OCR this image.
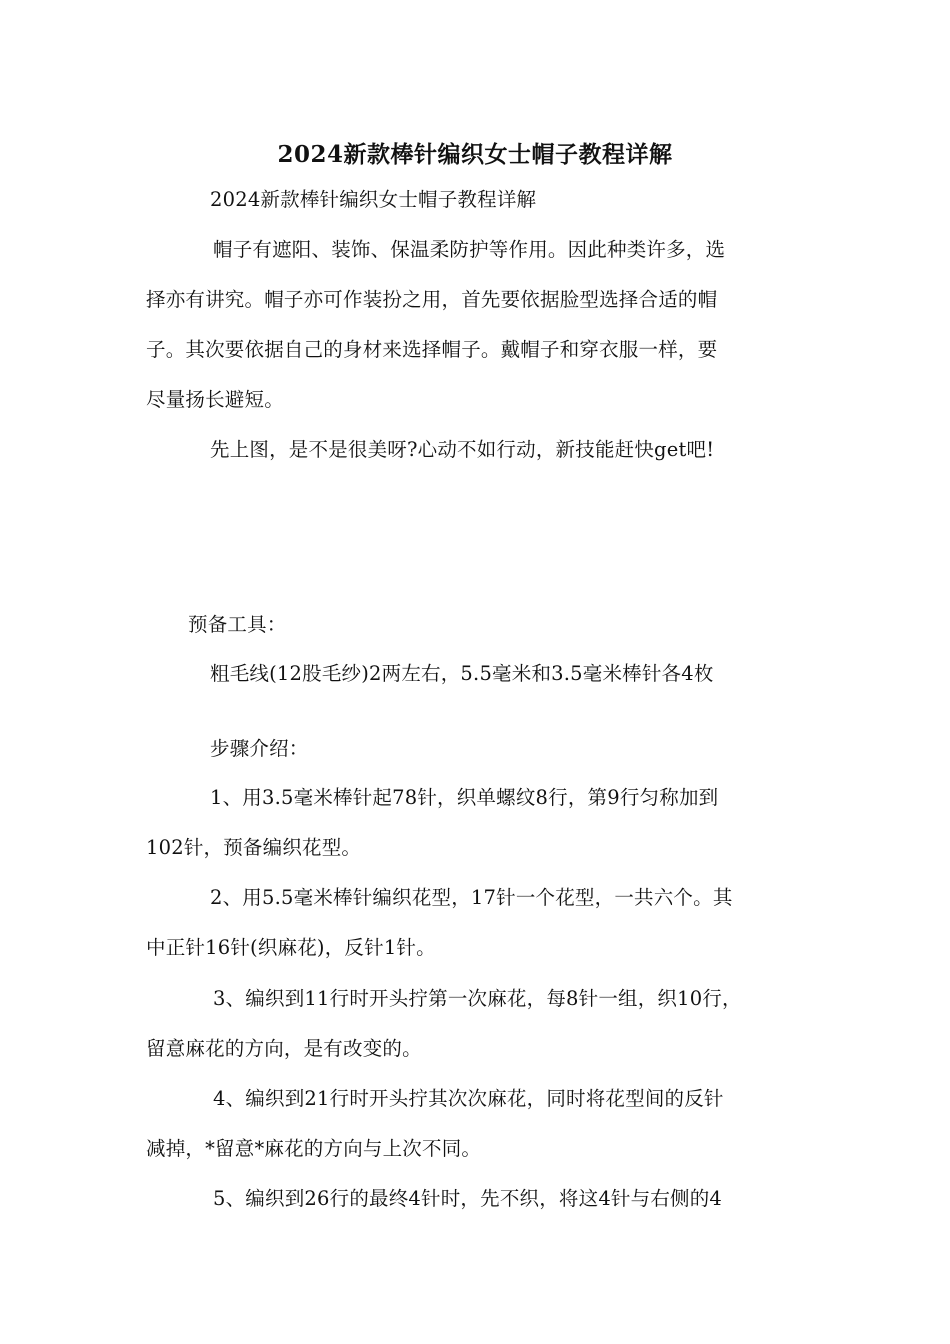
2024新款棒针编织女士帽子教程详解
2024新款棒针编织女士帽子教程详解
帽子有遮阳、装饰、保温柔防护等作用。因此种类许多，选
择亦有讲究。帽子亦可作装扮之用，首先要依据脸型选择合适的帽
子。其次要依据自己的身材来选择帽子。戴帽子和穿衣服一样，要
尽量扬长避短。
先上图，是不是很美呀?心动不如行动，新技能赶快get吧!
预备工具：
粗毛线(12股毛纱)2两左右，5.5毫米和3.5毫米棒针各4枚
步骤介绍：
1、用3.5毫米棒针起78针，织单螺纹8行，第9行匀称加到
102针，预备编织花型。
2、用5.5毫米棒针编织花型，17针一个花型，一共六个。其
中正针16针(织麻花)，反针1针。
3、编织到11行时开头拧第一次麻花，每8针一组，织10行，
留意麻花的方向，是有改变的。
4、编织到21行时开头拧其次次麻花，同时将花型间的反针
减掉，*留意*麻花的方向与上次不同。
5、编织到26行的最终4针时，先不织，将这4针与右侧的4
